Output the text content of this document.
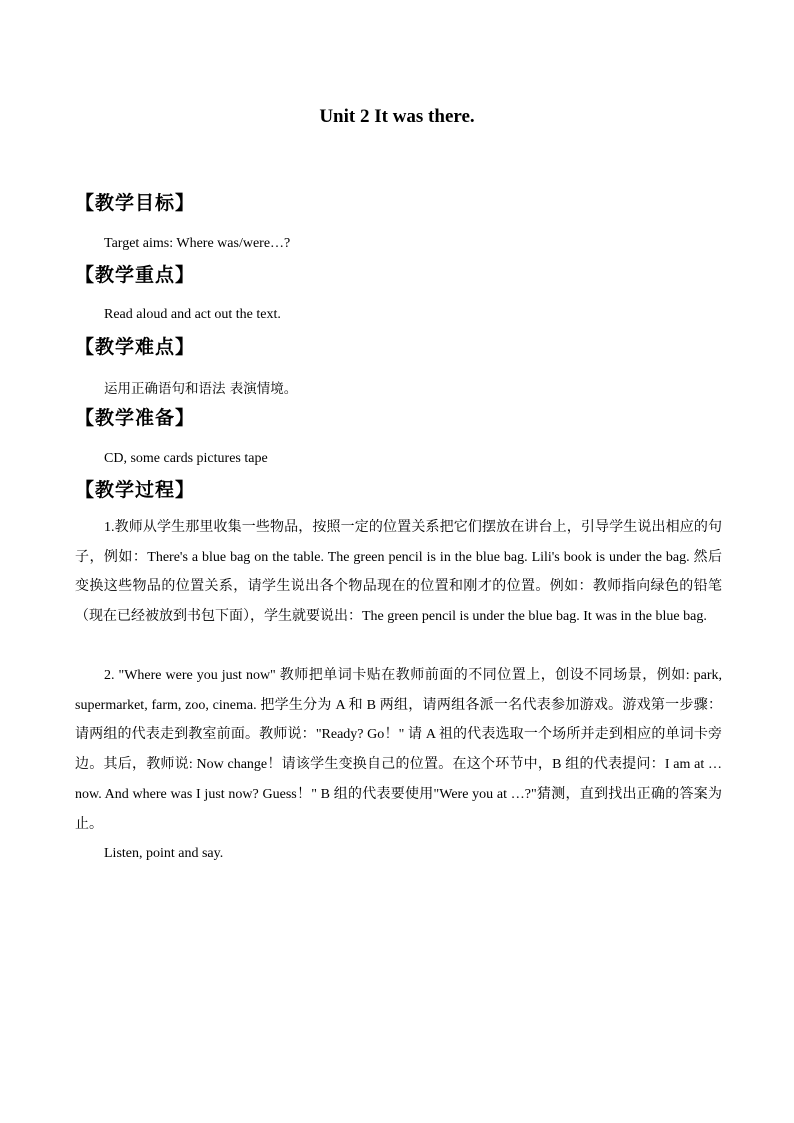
Unit 2 It was there.
【教学目标】
Target aims: Where was/were…?
【教学重点】
Read aloud and act out the text.
【教学难点】
运用正确语句和语法 表演情境。
【教学准备】
CD, some cards pictures tape
【教学过程】
1.教师从学生那里收集一些物品，按照一定的位置关系把它们摆放在讲台上，引导学生说出相应的句子，例如：There's a blue bag on the table. The green pencil is in the blue bag. Lili's book is under the bag. 然后变换这些物品的位置关系，请学生说出各个物品现在的位置和刚才的位置。例如：教师指向绿色的铅笔（现在已经被放到书包下面），学生就要说出：The green pencil is under the blue bag. It was in the blue bag.
2. "Where were you just now" 教师把单词卡贴在教师前面的不同位置上，创设不同场景，例如: park, supermarket, farm, zoo, cinema. 把学生分为 A 和 B 两组，请两组各派一名代表参加游戏。游戏第一步骤：请两组的代表走到教室前面。教师说："Ready? Go！" 请 A 祖的代表选取一个场所并走到相应的单词卡旁边。其后，教师说: Now change！请该学生变换自己的位置。在这个环节中，B 组的代表提问：I am at …now. And where was I just now? Guess！" B 组的代表要使用"Were you at …?"猜测，直到找出正确的答案为止。
Listen, point and say.
